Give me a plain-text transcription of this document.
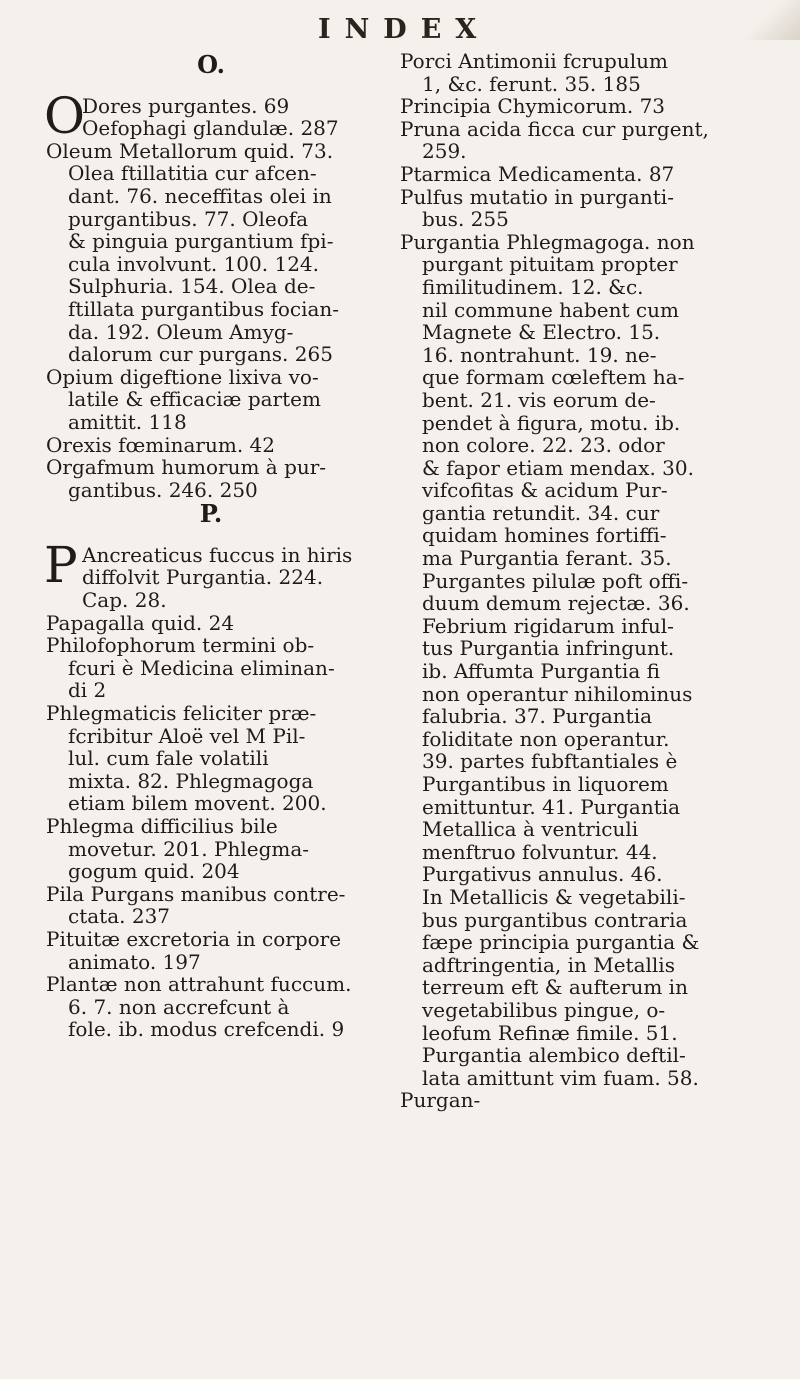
INDEX
O.
O
Dores purgantes. 69
Oefophagi glandulæ. 287
Oleum Metallorum quid. 73.
Olea ftillatitia cur afcen-
dant. 76. neceffitas olei in
purgantibus. 77. Oleofa
& pinguia purgantium fpi-
cula involvunt. 100. 124.
Sulphuria. 154. Olea de-
ftillata purgantibus focian-
da. 192. Oleum Amyg-
dalorum cur purgans. 265
Opium digeftione lixiva vo-
latile & efficaciæ partem
amittit. 118
Orexis fœminarum. 42
Orgafmum humorum à pur-
gantibus. 246. 250
P.
P Ancreaticus fuccus in hiris
diffolvit Purgantia. 224.
Cap. 28.
Papagalla quid. 24
Philofophorum termini ob-
fcuri è Medicina eliminan-
di 2
Phlegmaticis feliciter præ-
fcribitur Aloë vel M Pil-
lul. cum fale volatili
mixta. 82. Phlegmagoga
etiam bilem movent. 200.
Phlegma difficilius bile
movetur. 201. Phlegma-
gogum quid. 204
Pila Purgans manibus contre-
ctata. 237
Pituitæ excretoria in corpore
animato. 197
Plantæ non attrahunt fuccum.
6. 7. non accrefcunt à
fole. ib. modus crefcendi. 9
Porci Antimonii fcrupulum
1, &c. ferunt. 35. 185
Principia Chymicorum. 73
Pruna acida ficca cur purgent,
259.
Ptarmica Medicamenta. 87
Pulfus mutatio in purganti-
bus. 255
Purgantia Phlegmagoga. non
purgant pituitam propter
fimilitudinem. 12. &c.
nil commune habent cum
Magnete & Electro. 15.
16. nontrahunt. 19. ne-
que formam cœleftem ha-
bent. 21. vis eorum de-
pendet à figura, motu. ib.
non colore. 22. 23. odor
& fapor etiam mendax. 30.
vifcofitas & acidum Pur-
gantia retundit. 34. cur
quidam homines fortiffi-
ma Purgantia ferant. 35.
Purgantes pilulæ poft offi-
duum demum rejectæ. 36.
Febrium rigidarum inful-
tus Purgantia infringunt.
ib. Affumta Purgantia fi
non operantur nihilominus
falubria. 37. Purgantia
foliditate non operantur.
39. partes fubftantiales è
Purgantibus in liquorem
emittuntur. 41. Purgantia
Metallica à ventriculi
menftruo folvuntur. 44.
Purgativus annulus. 46.
In Metallicis & vegetabili-
bus purgantibus contraria
fæpe principia purgantia &
adftringentia, in Metallis
terreum eft & aufterum in
vegetabilibus pingue, o-
leofum Refinæ fimile. 51.
Purgantia alembico deftil-
lata amittunt vim fuam. 58.
Purgan-
